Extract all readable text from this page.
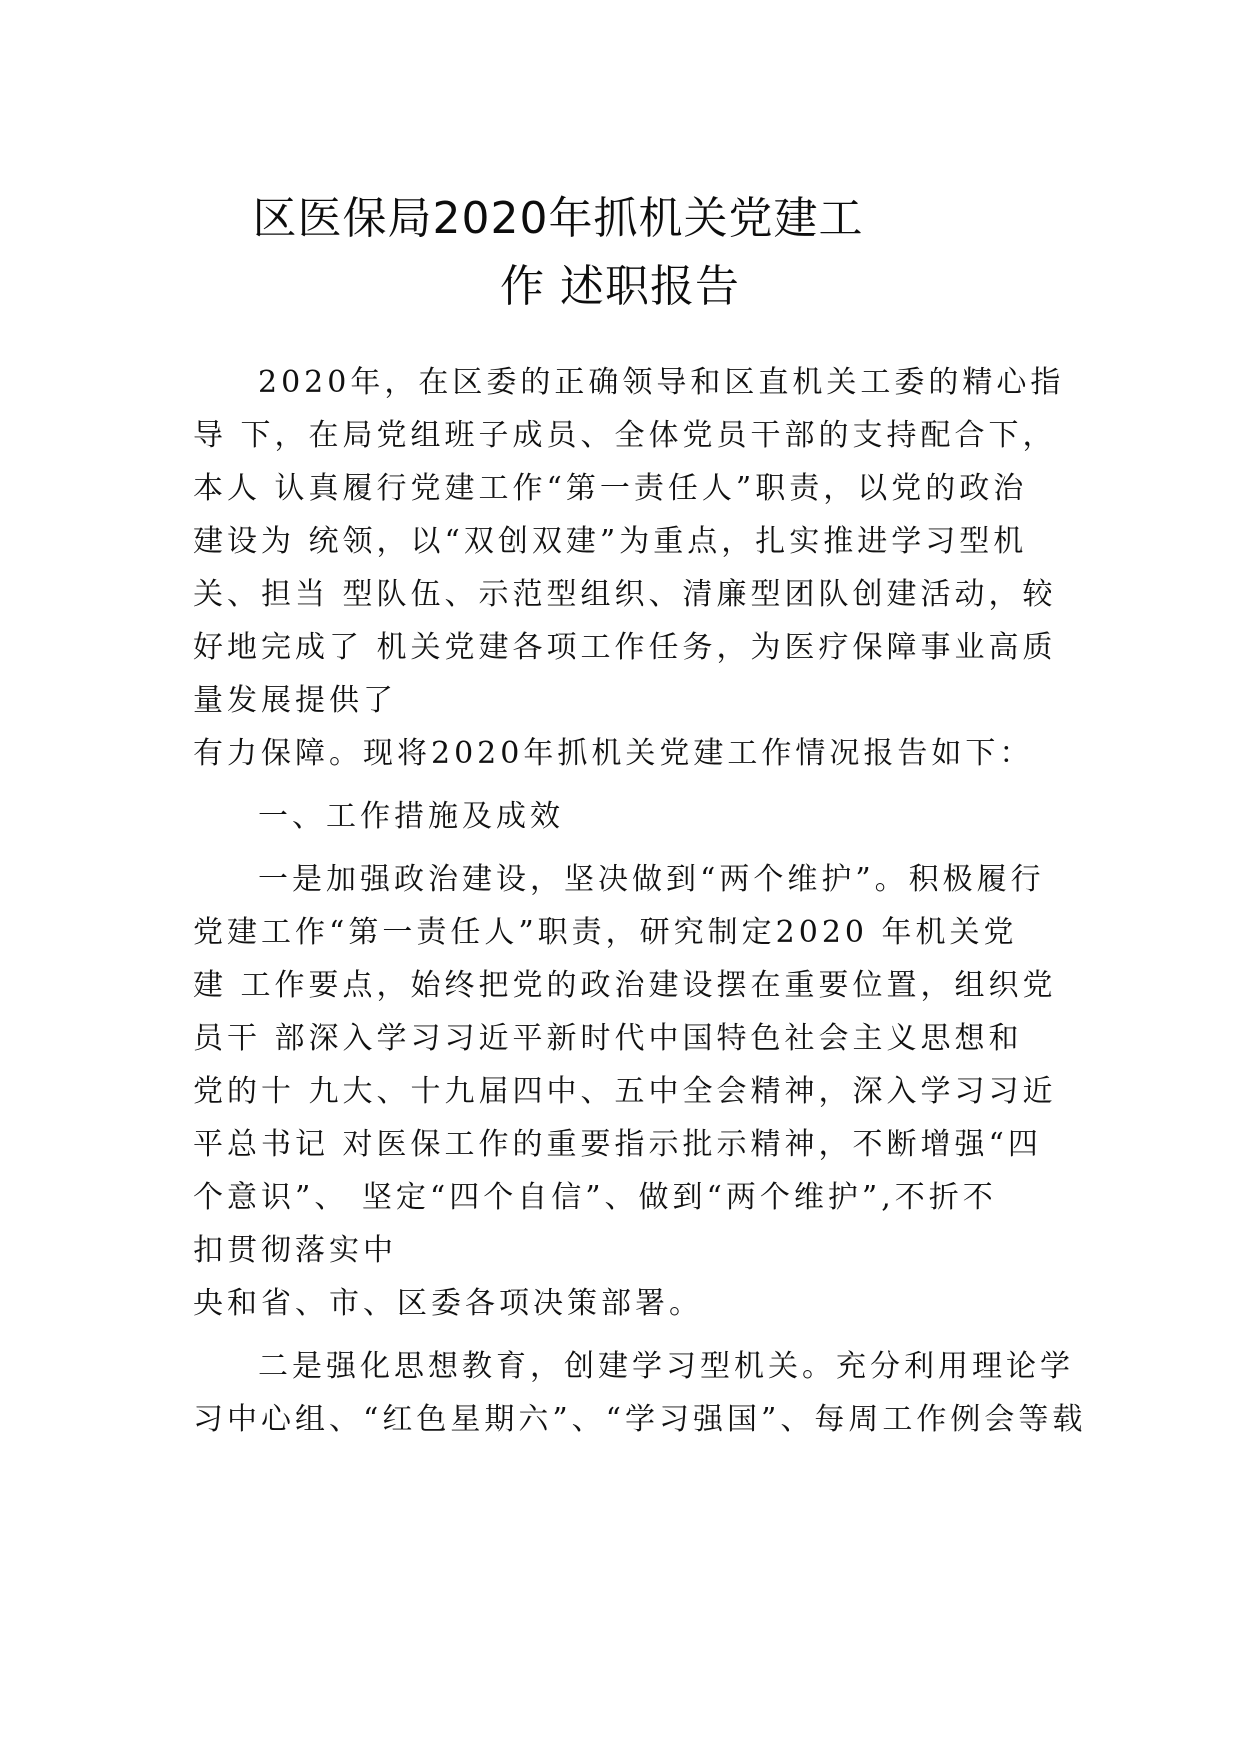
区医保局2020年抓机关党建工
作 述职报告
2020年，在区委的正确领导和区直机关工委的精心指
导 下，在局党组班子成员、全体党员干部的支持配合下，
本人 认真履行党建工作“第一责任人”职责，以党的政治
建设为 统领，以“双创双建”为重点，扎实推进学习型机
关、担当 型队伍、示范型组织、清廉型团队创建活动，较
好地完成了 机关党建各项工作任务，为医疗保障事业高质
量发展提供了
有力保障。现将2020年抓机关党建工作情况报告如下：
一、工作措施及成效
一是加强政治建设，坚决做到“两个维护”。积极履行
党建工作“第一责任人”职责，研究制定2020 年机关党
建 工作要点，始终把党的政治建设摆在重要位置，组织党
员干 部深入学习习近平新时代中国特色社会主义思想和
党的十 九大、十九届四中、五中全会精神，深入学习习近
平总书记 对医保工作的重要指示批示精神，不断增强“四
个意识”、 坚定“四个自信”、做到“两个维护”,不折不
扣贯彻落实中
央和省、市、区委各项决策部署。
二是强化思想教育，创建学习型机关。充分利用理论学
习中心组、“红色星期六”、“学习强国”、每周工作例会等载
